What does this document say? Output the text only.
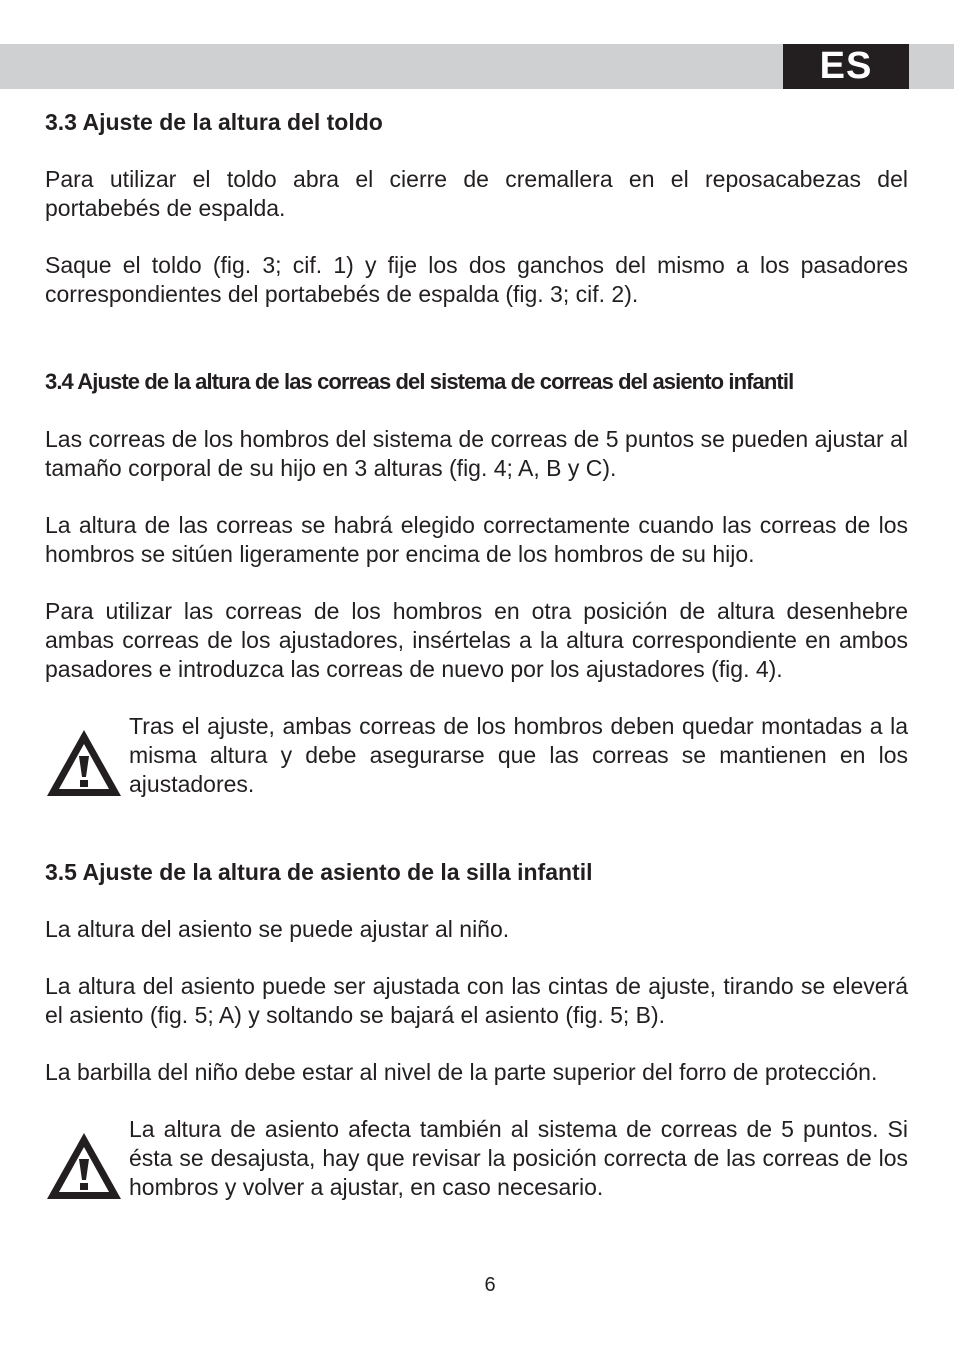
ES
3.3 Ajuste de la altura del toldo

Para utilizar el toldo abra el cierre de cremallera en el reposacabezas del portabebés de espalda.

Saque el toldo (fig. 3; cif. 1) y fije los dos ganchos del mismo a los pasadores correspondientes del portabebés de espalda (fig. 3; cif. 2).

3.4 Ajuste de la altura de las correas del sistema de correas del asiento infantil

Las correas de los hombros del sistema de correas de 5 puntos se pueden ajustar al tamaño corporal de su hijo en 3 alturas (fig. 4; A, B y C).

La altura de las correas se habrá elegido correctamente cuando las correas de los hombros se sitúen ligeramente por encima de los hombros de su hijo.

Para utilizar las correas de los hombros en otra posición de altura desenhebre ambas correas de los ajustadores, insértelas a la altura correspondiente en ambos pasadores e introduzca las correas de nuevo por los ajustadores (fig. 4).

Tras el ajuste, ambas correas de los hombros deben quedar montadas a la misma altura y debe asegurarse que las correas se mantienen en los ajustadores.

3.5 Ajuste de la altura de asiento de la silla infantil

La altura del asiento se puede ajustar al niño.

La altura del asiento puede ser ajustada con las cintas de ajuste, tirando se eleverá el asiento (fig. 5; A) y soltando se bajará el asiento (fig. 5; B).

La barbilla del niño debe estar al nivel de la parte superior del forro de protección.

La altura de asiento afecta también al sistema de correas de 5 puntos. Si ésta se desajusta, hay que revisar la posición correcta de las correas de los hombros y volver a ajustar, en caso necesario.

6
